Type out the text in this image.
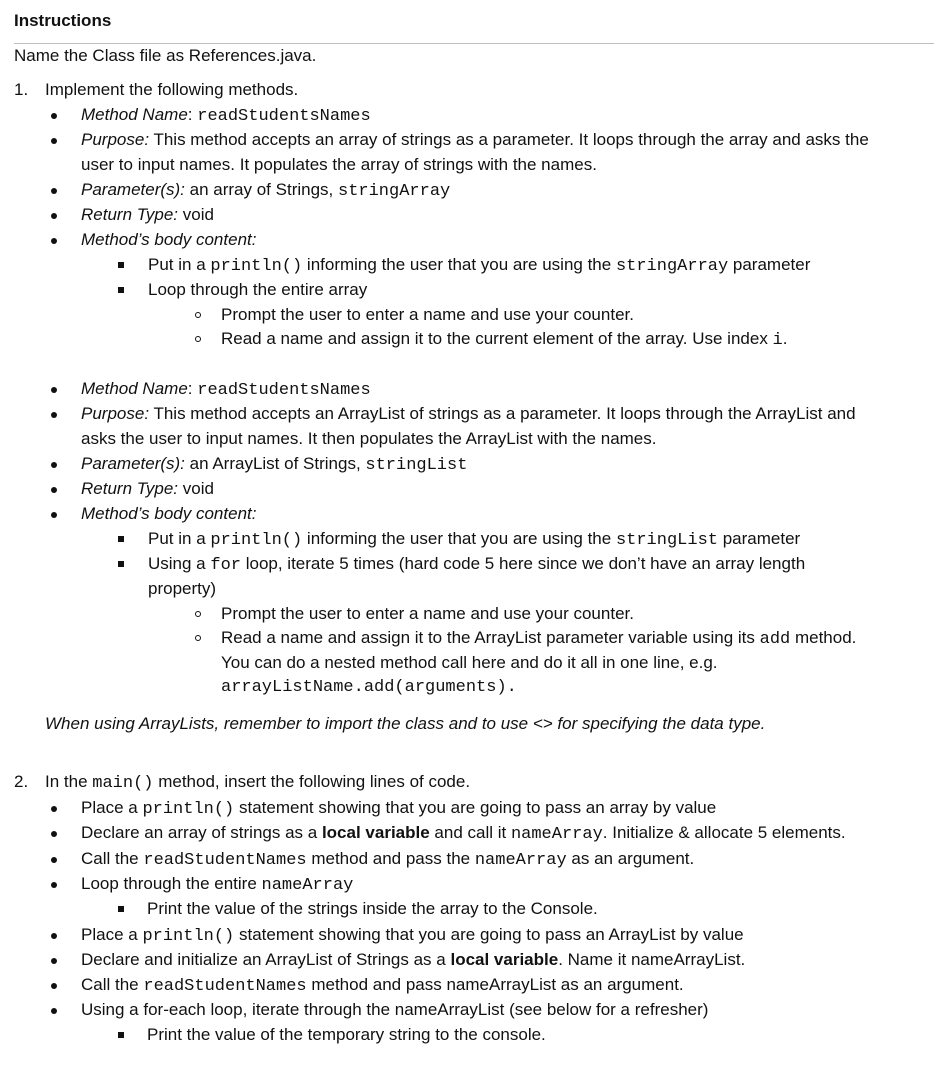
Instructions
Name the Class file as References.java.
1. Implement the following methods.
Method Name: readStudentsNames
Purpose: This method accepts an array of strings as a parameter. It loops through the array and asks the
user to input names. It populates the array of strings with the names.
Parameter(s): an array of Strings, stringArray
Return Type: void
Method’s body content:
Put in a println() informing the user that you are using the stringArray parameter
Loop through the entire array
Prompt the user to enter a name and use your counter.
Read a name and assign it to the current element of the array. Use index i.
Method Name: readStudentsNames
Purpose: This method accepts an ArrayList of strings as a parameter. It loops through the ArrayList and
asks the user to input names. It then populates the ArrayList with the names.
Parameter(s): an ArrayList of Strings, stringList
Return Type: void
Method’s body content:
Put in a println() informing the user that you are using the stringList parameter
Using a for loop, iterate 5 times (hard code 5 here since we don’t have an array length
property)
Prompt the user to enter a name and use your counter.
Read a name and assign it to the ArrayList parameter variable using its add method.
You can do a nested method call here and do it all in one line, e.g.
arrayListName.add(arguments).
When using ArrayLists, remember to import the class and to use <> for specifying the data type.
2. In the main() method, insert the following lines of code.
Place a println() statement showing that you are going to pass an array by value
Declare an array of strings as a local variable and call it nameArray. Initialize & allocate 5 elements.
Call the readStudentNames method and pass the nameArray as an argument.
Loop through the entire nameArray
Print the value of the strings inside the array to the Console.
Place a println() statement showing that you are going to pass an ArrayList by value
Declare and initialize an ArrayList of Strings as a local variable. Name it nameArrayList.
Call the readStudentNames method and pass nameArrayList as an argument.
Using a for-each loop, iterate through the nameArrayList (see below for a refresher)
Print the value of the temporary string to the console.
